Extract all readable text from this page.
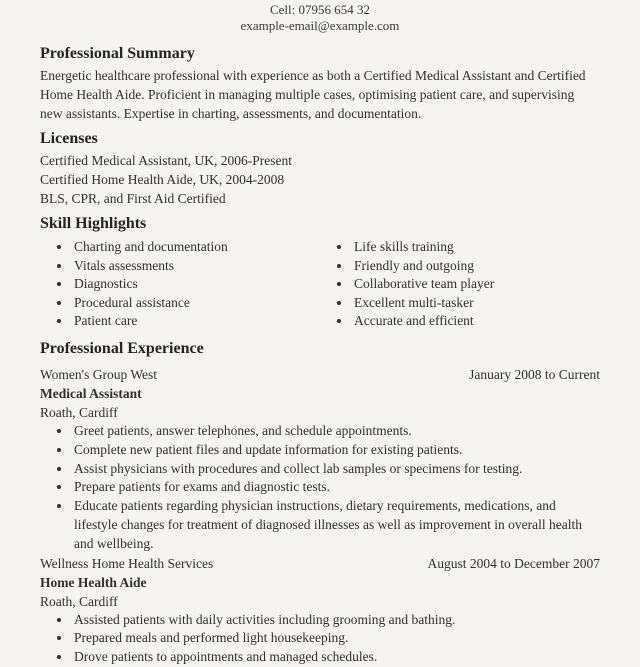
Cell: 07956 654 32
example-email@example.com
Professional Summary

Energetic healthcare professional with experience as both a Certified Medical Assistant and Certified Home Health Aide. Proficient in managing multiple cases, optimising patient care, and supervising new assistants. Expertise in charting, assessments, and documentation.

Licenses
Certified Medical Assistant, UK, 2006-Present
Certified Home Health Aide, UK, 2004-2008
BLS, CPR, and First Aid Certified
Skill Highlights
• Charting and documentation
• Vitals assessments
• Diagnostics
• Procedural assistance
• Patient care
• Life skills training
• Friendly and outgoing
• Collaborative team player
• Excellent multi-tasker
• Accurate and efficient
Professional Experience
Women's Group West	January 2008 to Current
Medical Assistant
Roath, Cardiff
• Greet patients, answer telephones, and schedule appointments.
• Complete new patient files and update information for existing patients.
• Assist physicians with procedures and collect lab samples or specimens for testing.
• Prepare patients for exams and diagnostic tests.
• Educate patients regarding physician instructions, dietary requirements, medications, and lifestyle changes for treatment of diagnosed illnesses as well as improvement in overall health and wellbeing.
Wellness Home Health Services	August 2004 to December 2007
Home Health Aide
Roath, Cardiff
• Assisted patients with daily activities including grooming and bathing.
• Prepared meals and performed light housekeeping.
• Drove patients to appointments and managed schedules.
